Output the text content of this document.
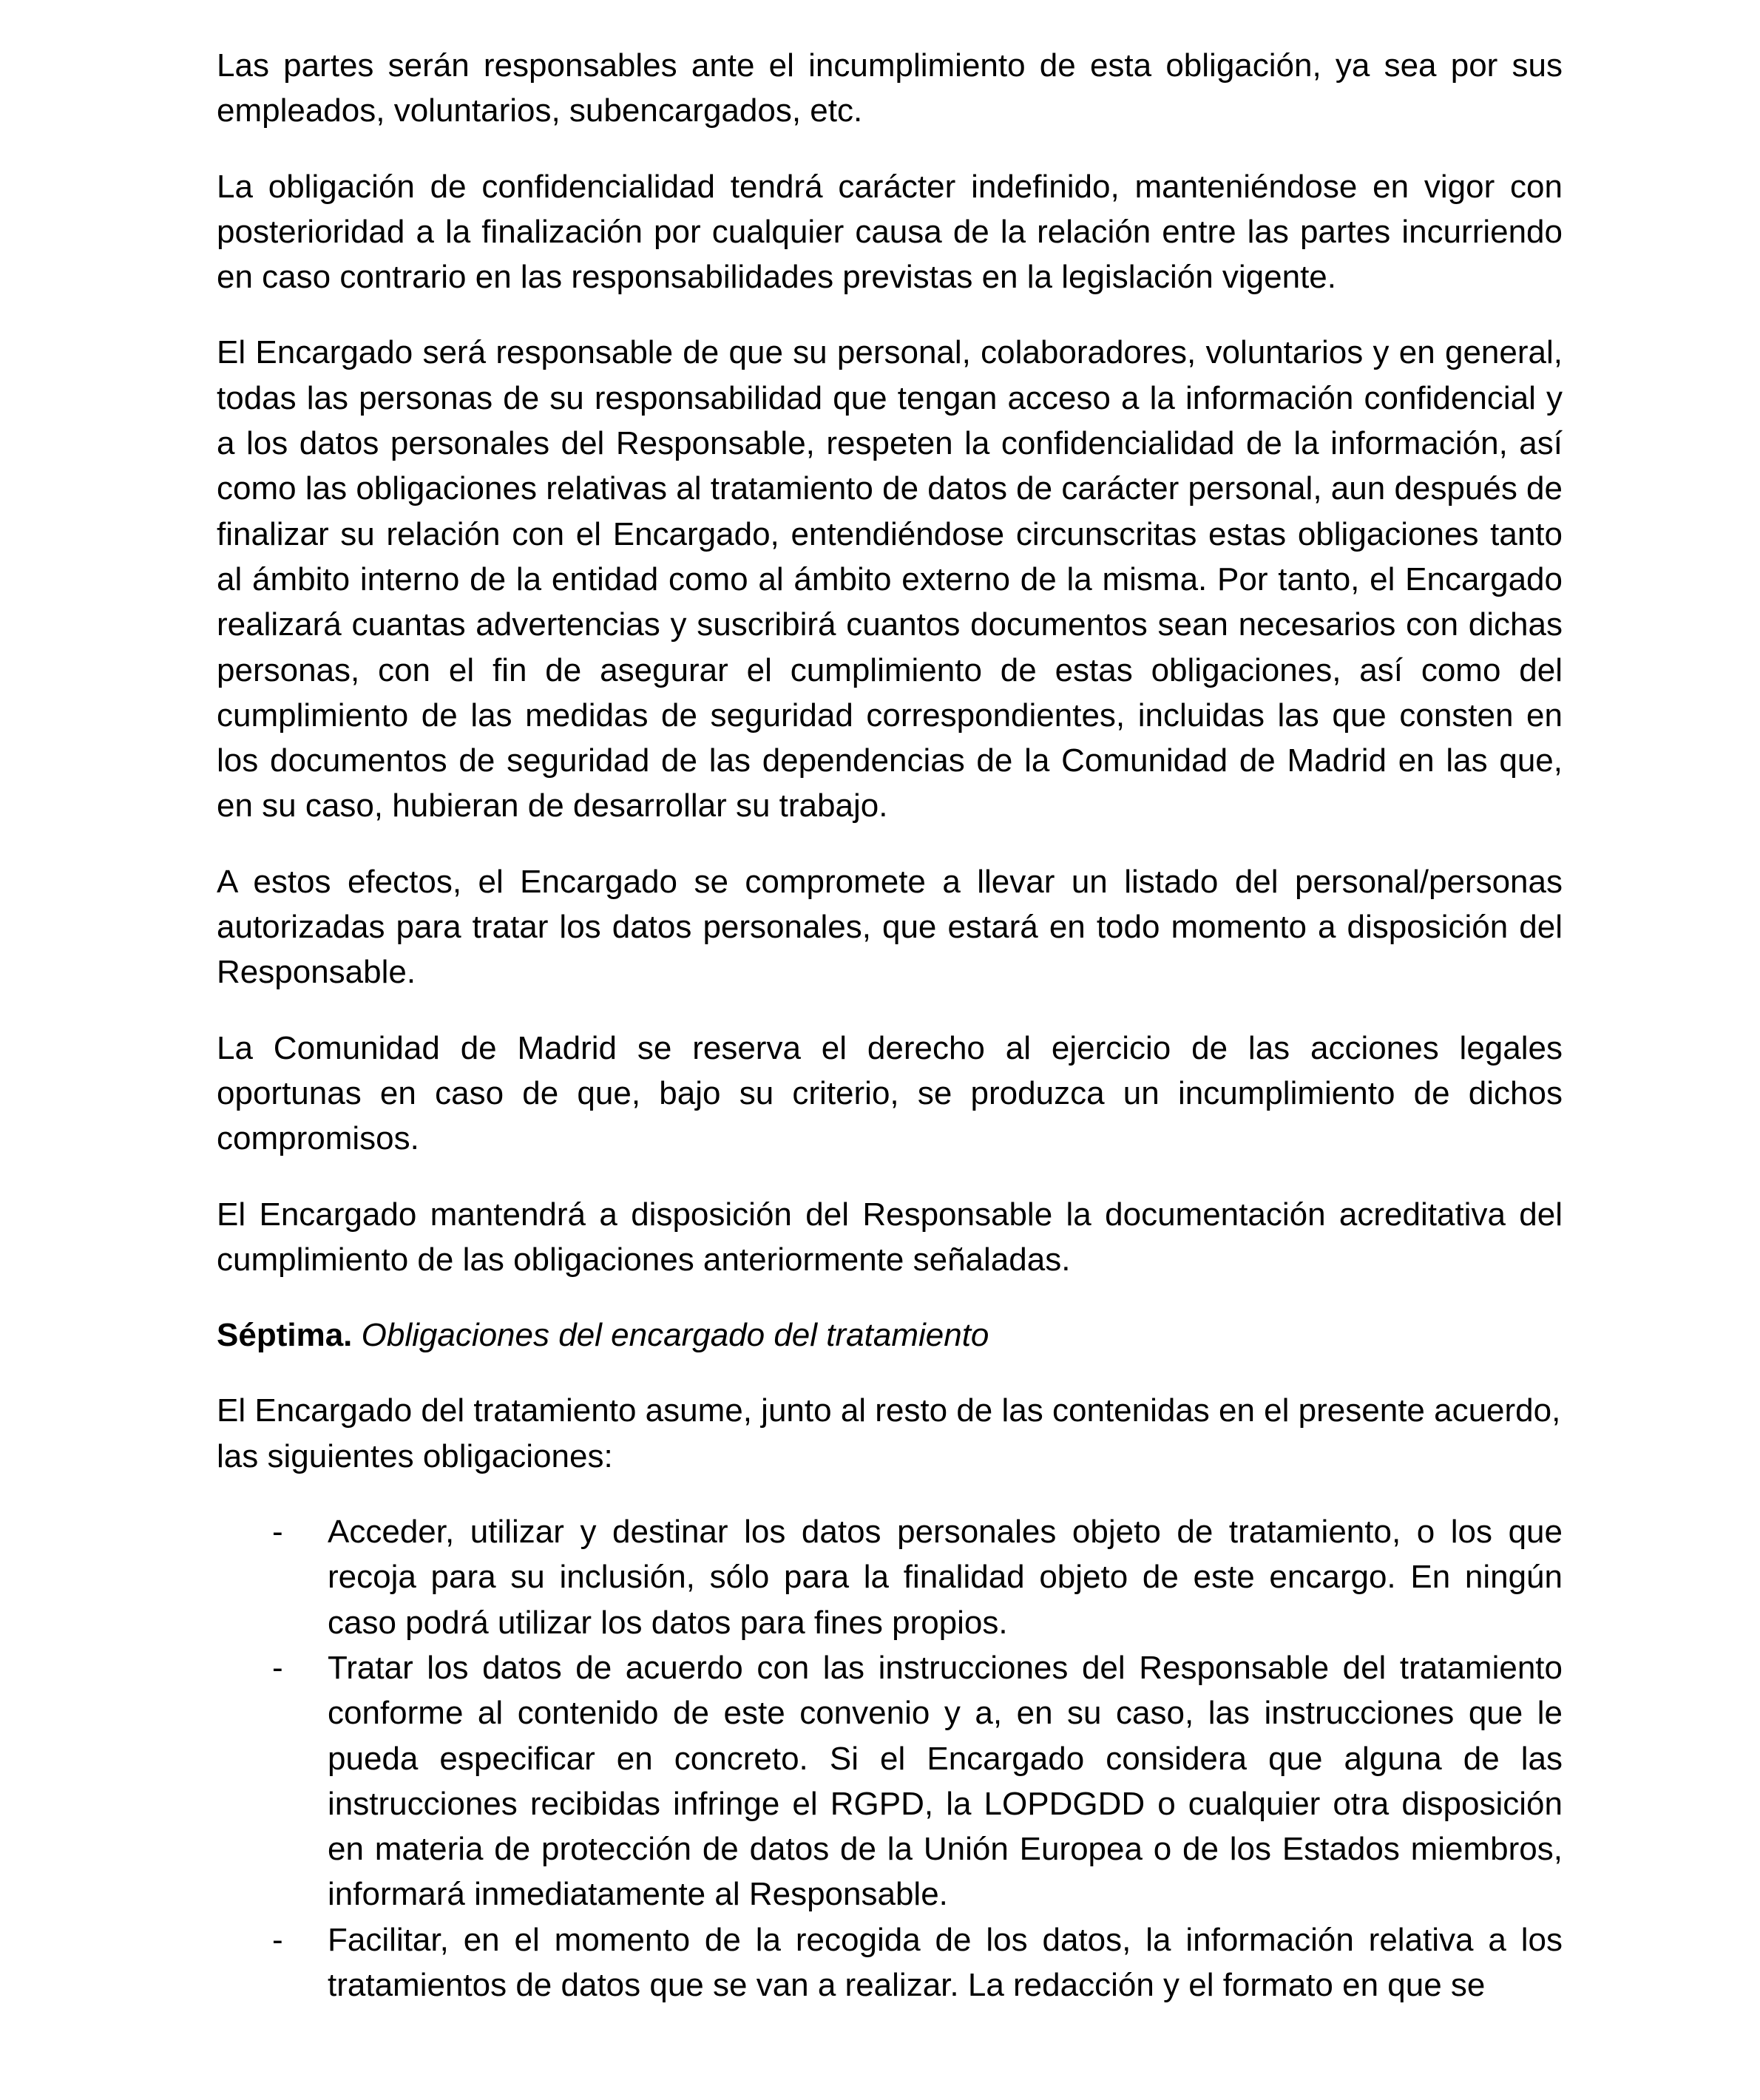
Las partes serán responsables ante el incumplimiento de esta obligación, ya sea por sus empleados, voluntarios, subencargados, etc.

La obligación de confidencialidad tendrá carácter indefinido, manteniéndose en vigor con posterioridad a la finalización por cualquier causa de la relación entre las partes incurriendo en caso contrario en las responsabilidades previstas en la legislación vigente.

El Encargado será responsable de que su personal, colaboradores, voluntarios y en general, todas las personas de su responsabilidad que tengan acceso a la información confidencial y a los datos personales del Responsable, respeten la confidencialidad de la información, así como las obligaciones relativas al tratamiento de datos de carácter personal, aun después de finalizar su relación con el Encargado, entendiéndose circunscritas estas obligaciones tanto al ámbito interno de la entidad como al ámbito externo de la misma. Por tanto, el Encargado realizará cuantas advertencias y suscribirá cuantos documentos sean necesarios con dichas personas, con el fin de asegurar el cumplimiento de estas obligaciones, así como del cumplimiento de las medidas de seguridad correspondientes, incluidas las que consten en los documentos de seguridad de las dependencias de la Comunidad de Madrid en las que, en su caso, hubieran de desarrollar su trabajo.

A estos efectos, el Encargado se compromete a llevar un listado del personal/personas autorizadas para tratar los datos personales, que estará en todo momento a disposición del Responsable.

La Comunidad de Madrid se reserva el derecho al ejercicio de las acciones legales oportunas en caso de que, bajo su criterio, se produzca un incumplimiento de dichos compromisos.

El Encargado mantendrá a disposición del Responsable la documentación acreditativa del cumplimiento de las obligaciones anteriormente señaladas.

Séptima. Obligaciones del encargado del tratamiento

El Encargado del tratamiento asume, junto al resto de las contenidas en el presente acuerdo, las siguientes obligaciones:

- Acceder, utilizar y destinar los datos personales objeto de tratamiento, o los que recoja para su inclusión, sólo para la finalidad objeto de este encargo. En ningún caso podrá utilizar los datos para fines propios.
- Tratar los datos de acuerdo con las instrucciones del Responsable del tratamiento conforme al contenido de este convenio y a, en su caso, las instrucciones que le pueda especificar en concreto. Si el Encargado considera que alguna de las instrucciones recibidas infringe el RGPD, la LOPDGDD o cualquier otra disposición en materia de protección de datos de la Unión Europea o de los Estados miembros, informará inmediatamente al Responsable.
- Facilitar, en el momento de la recogida de los datos, la información relativa a los tratamientos de datos que se van a realizar. La redacción y el formato en que se
